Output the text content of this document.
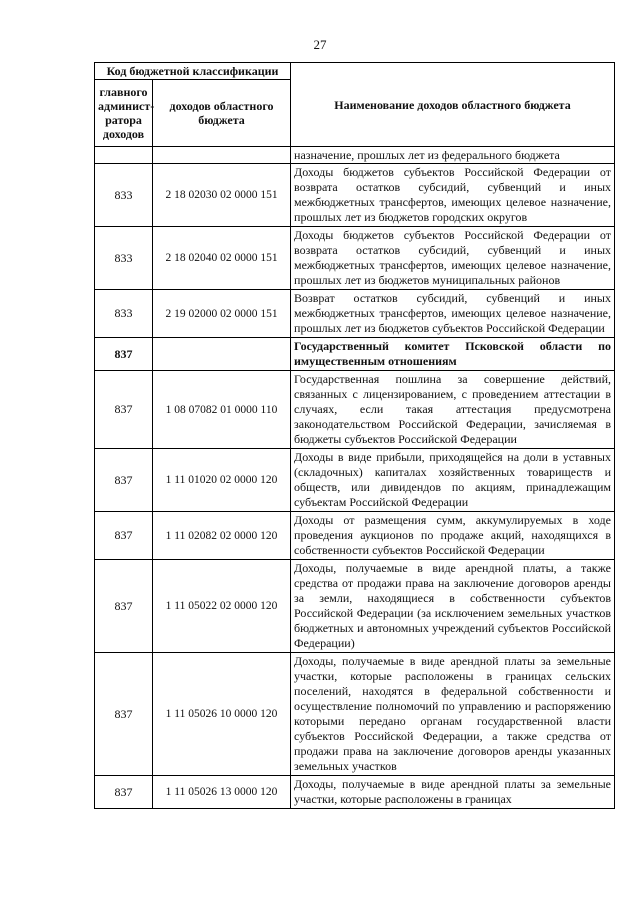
27
Код бюджетной классификации		Наименование доходов областного бюджета
главного админист-ратора доходов	доходов областного бюджета	
		назначение, прошлых лет из федерального бюджета
833	2 18 02030 02 0000 151	Доходы бюджетов субъектов Российской Федерации от возврата остатков субсидий, субвенций и иных межбюджетных трансфертов, имеющих целевое назначение, прошлых лет из бюджетов городских округов
833	2 18 02040 02 0000 151	Доходы бюджетов субъектов Российской Федерации от возврата остатков субсидий, субвенций и иных межбюджетных трансфертов, имеющих целевое назначение, прошлых лет из бюджетов муниципальных районов
833	2 19 02000 02 0000 151	Возврат остатков субсидий, субвенций и иных межбюджетных трансфертов, имеющих целевое назначение, прошлых лет из бюджетов субъектов Российской Федерации
837		Государственный комитет Псковской области по имущественным отношениям
837	1 08 07082 01 0000 110	Государственная пошлина за совершение действий, связанных с лицензированием, с проведением аттестации в случаях, если такая аттестация предусмотрена законодательством Российской Федерации, зачисляемая в бюджеты субъектов Российской Федерации
837	1 11 01020 02 0000 120	Доходы в виде прибыли, приходящейся на доли в уставных (складочных) капиталах хозяйственных товариществ и обществ, или дивидендов по акциям, принадлежащим субъектам Российской Федерации
837	1 11 02082 02 0000 120	Доходы от размещения сумм, аккумулируемых в ходе проведения аукционов по продаже акций, находящихся в собственности субъектов Российской Федерации
837	1 11 05022 02 0000 120	Доходы, получаемые в виде арендной платы, а также средства от продажи права на заключение договоров аренды за земли, находящиеся в собственности субъектов Российской Федерации (за исключением земельных участков бюджетных и автономных учреждений субъектов Российской Федерации)
837	1 11 05026 10 0000 120	Доходы, получаемые в виде арендной платы за земельные участки, которые расположены в границах сельских поселений, находятся в федеральной собственности и осуществление полномочий по управлению и распоряжению которыми передано органам государственной власти субъектов Российской Федерации, а также средства от продажи права на заключение договоров аренды указанных земельных участков
837	1 11 05026 13 0000 120	Доходы, получаемые в виде арендной платы за земельные участки, которые расположены в границах
